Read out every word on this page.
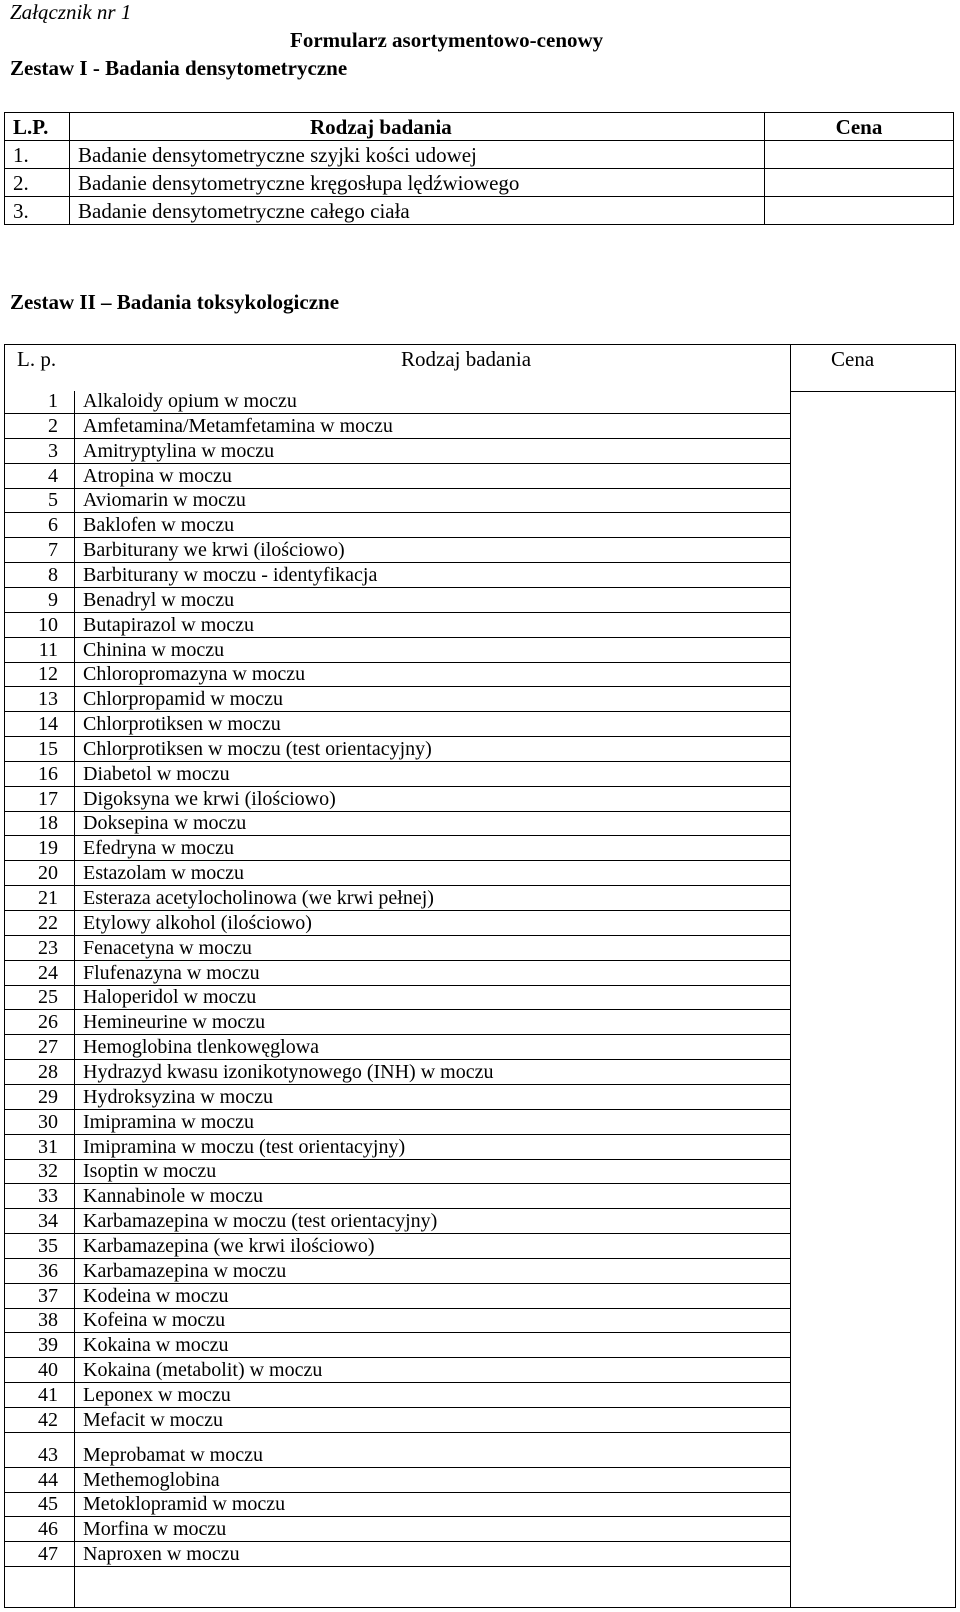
Załącznik nr 1
Formularz asortymentowo-cenowy
Zestaw I - Badania densytometryczne
L.P.	Rodzaj badania	Cena
1.	Badanie densytometryczne szyjki kości udowej	
2.	Badanie densytometryczne kręgosłupa lędźwiowego	
3.	Badanie densytometryczne całego ciała	
Zestaw II – Badania toksykologiczne
L. p.	Rodzaj badania	Cena
1 Alkaloidy opium w moczu
2 Amfetamina/Metamfetamina w moczu
3 Amitryptylina w moczu
4 Atropina w moczu
5 Aviomarin w moczu
6 Baklofen w moczu
7 Barbiturany we krwi (ilościowo)
8 Barbiturany w moczu - identyfikacja
9 Benadryl w moczu
10 Butapirazol w moczu
11 Chinina w moczu
12 Chloropromazyna w moczu
13 Chlorpropamid w moczu
14 Chlorprotiksen w moczu
15 Chlorprotiksen w moczu (test orientacyjny)
16 Diabetol w moczu
17 Digoksyna we krwi (ilościowo)
18 Doksepina w moczu
19 Efedryna w moczu
20 Estazolam w moczu
21 Esteraza acetylocholinowa (we krwi pełnej)
22 Etylowy alkohol (ilościowo)
23 Fenacetyna w moczu
24 Flufenazyna w moczu
25 Haloperidol w moczu
26 Hemineurine w moczu
27 Hemoglobina tlenkowęglowa
28 Hydrazyd kwasu izonikotynowego (INH) w moczu
29 Hydroksyzina w moczu
30 Imipramina w moczu
31 Imipramina w moczu (test orientacyjny)
32 Isoptin w moczu
33 Kannabinole w moczu
34 Karbamazepina w moczu (test orientacyjny)
35 Karbamazepina (we krwi ilościowo)
36 Karbamazepina w moczu
37 Kodeina w moczu
38 Kofeina w moczu
39 Kokaina w moczu
40 Kokaina (metabolit) w moczu
41 Leponex w moczu
42 Mefacit w moczu
43 Meprobamat w moczu
44 Methemoglobina
45 Metoklopramid w moczu
46 Morfina w moczu
47 Naproxen w moczu
